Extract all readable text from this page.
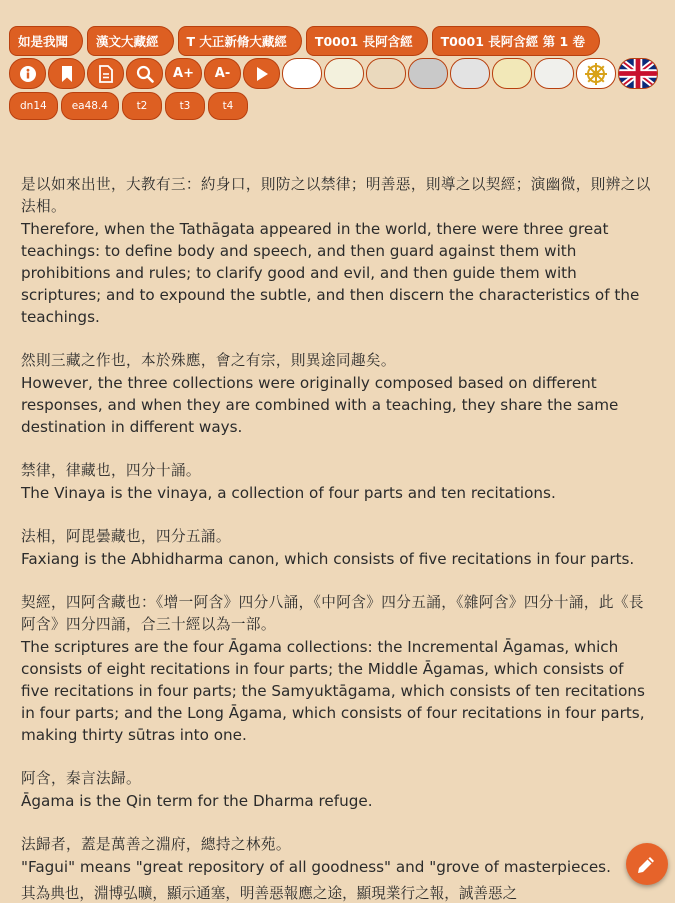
如是我聞	漢文大藏經	T 大正新脩大藏經	T0001 長阿含經	T0001 長阿含經 第 1 卷
A+ A-
dn14	ea48.4	t2	t3	t4

是以如來出世，大教有三：約身口，則防之以禁律；明善惡，則導之以契經；演幽微，則辨之以法相。

Therefore, when the Tathāgata appeared in the world, there were three great teachings: to define body and speech, and then guard against them with prohibitions and rules; to clarify good and evil, and then guide them with scriptures; and to expound the subtle, and then discern the characteristics of the teachings.

然則三藏之作也，本於殊應，會之有宗，則異途同趣矣。

However, the three collections were originally composed based on different responses, and when they are combined with a teaching, they share the same destination in different ways.

禁律，律藏也，四分十誦。

The Vinaya is the vinaya, a collection of four parts and ten recitations.

法相，阿毘曇藏也，四分五誦。

Faxiang is the Abhidharma canon, which consists of five recitations in four parts.

契經，四阿含藏也：《增一阿含》四分八誦，《中阿含》四分五誦，《雜阿含》四分十誦，此《長阿含》四分四誦，合三十經以為一部。

The scriptures are the four Āgama collections: the Incremental Āgamas, which consists of eight recitations in four parts; the Middle Āgamas, which consists of five recitations in four parts; the Samyuktāgama, which consists of ten recitations in four parts; and the Long Āgama, which consists of four recitations in four parts, making thirty sūtras into one.

阿含，秦言法歸。

Āgama is the Qin term for the Dharma refuge.

法歸者，蓋是萬善之淵府，總持之林苑。

"Fagui" means "great repository of all goodness" and "grove of masterpieces.

其為典也，淵博弘曠，顯示通塞，明善惡報應之途，顯現業行之報，誠善惡之
